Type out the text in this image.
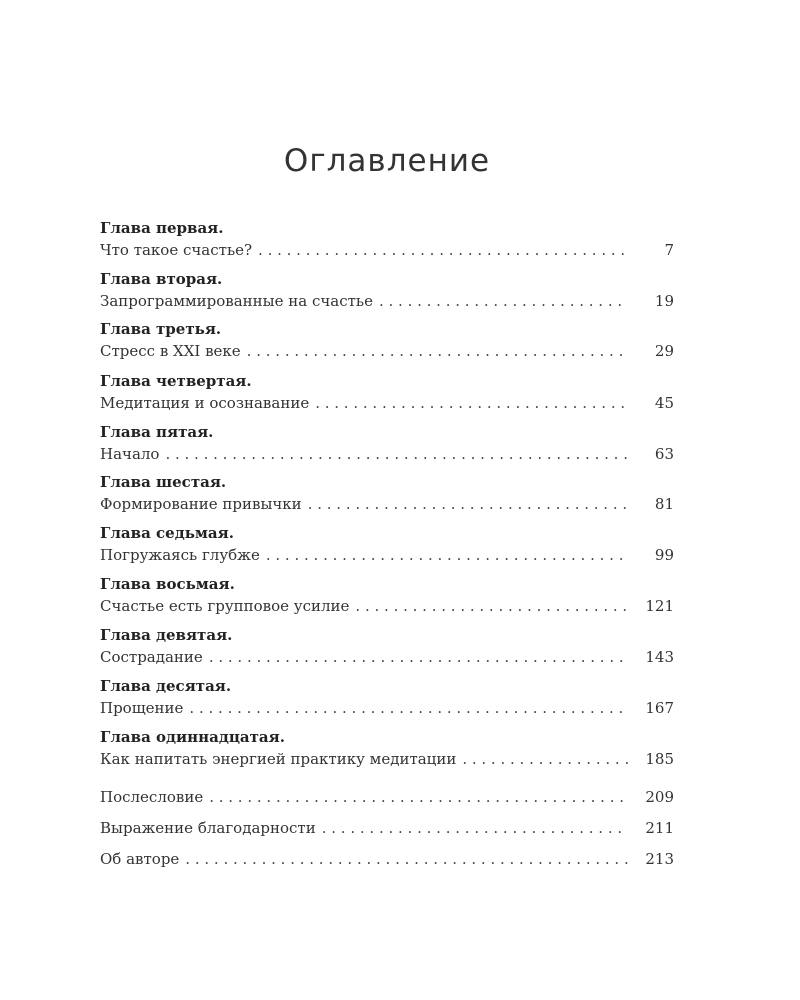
Оглавление
Глава первая.
Что такое счастье? . . .	7
Глава вторая.
Запрограммированные на счастье . . .	19
Глава третья.
Стресс в XXI веке . . .	29
Глава четвертая.
Медитация и осознавание . . .	45
Глава пятая.
Начало . . .	63
Глава шестая.
Формирование привычки . . .	81
Глава седьмая.
Погружаясь глубже . . .	99
Глава восьмая.
Счастье есть групповое усилие . . .	121
Глава девятая.
Сострадание . . .	143
Глава десятая.
Прощение . . .	167
Глава одиннадцатая.
Как напитать энергией практику медитации . . .	185
Послесловие . . .	209
Выражение благодарности . . .	211
Об авторе . . .	213
